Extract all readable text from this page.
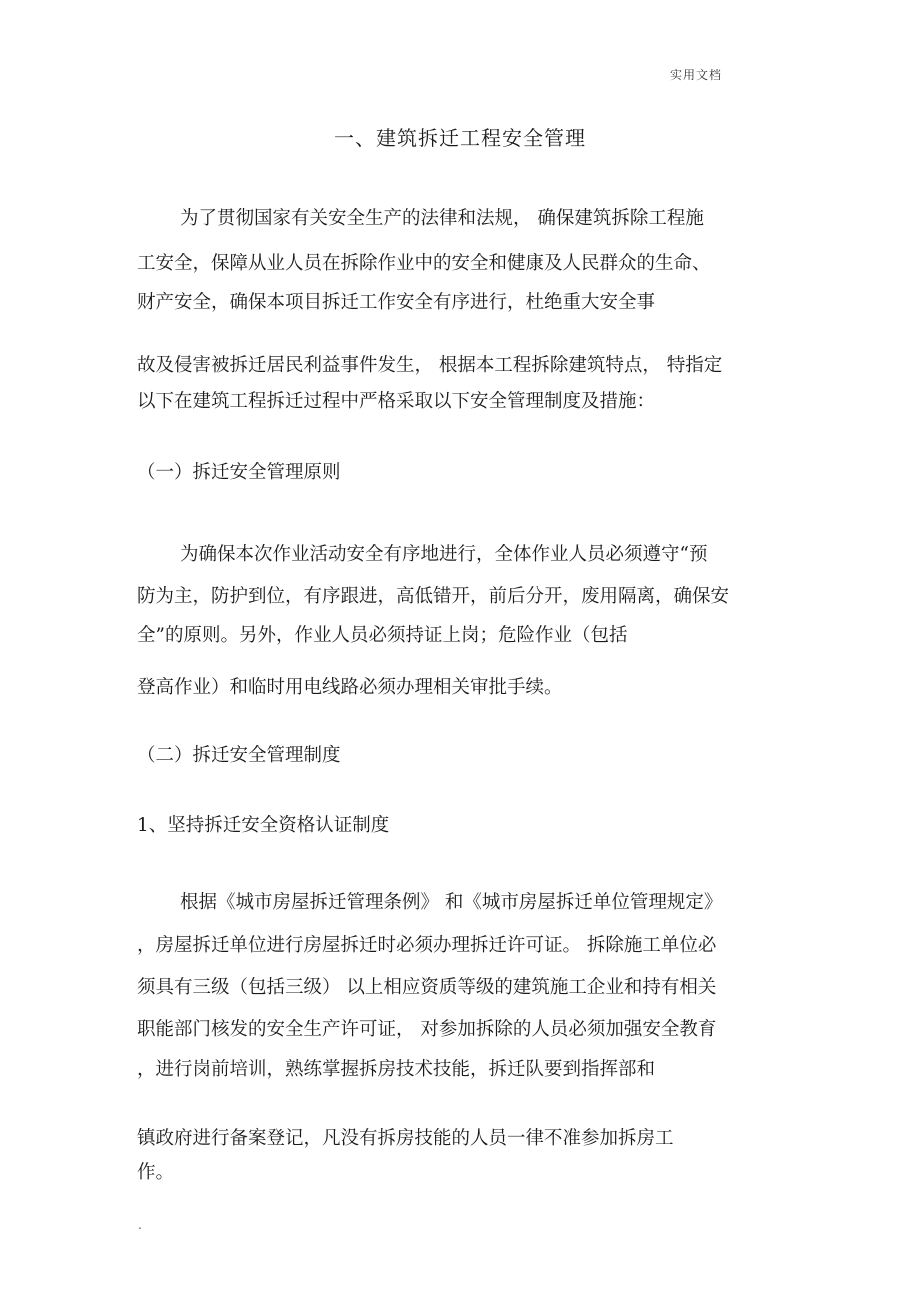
实用文档
一、建筑拆迁工程安全管理
为了贯彻国家有关安全生产的法律和法规， 确保建筑拆除工程施
工安全，保障从业人员在拆除作业中的安全和健康及人民群众的生命、
财产安全，确保本项目拆迁工作安全有序进行，杜绝重大安全事
故及侵害被拆迁居民利益事件发生， 根据本工程拆除建筑特点， 特指定
以下在建筑工程拆迁过程中严格采取以下安全管理制度及措施：
（一）拆迁安全管理原则
为确保本次作业活动安全有序地进行，全体作业人员必须遵守“预
防为主，防护到位，有序跟进，高低错开，前后分开，废用隔离，确保安
全”的原则。另外，作业人员必须持证上岗；危险作业（包括
登高作业）和临时用电线路必须办理相关审批手续。
（二）拆迁安全管理制度
1、坚持拆迁安全资格认证制度
根据《城市房屋拆迁管理条例》 和《城市房屋拆迁单位管理规定》
，房屋拆迁单位进行房屋拆迁时必须办理拆迁许可证。 拆除施工单位必
须具有三级（包括三级） 以上相应资质等级的建筑施工企业和持有相关
职能部门核发的安全生产许可证， 对参加拆除的人员必须加强安全教育
，进行岗前培训，熟练掌握拆房技术技能，拆迁队要到指挥部和
镇政府进行备案登记，凡没有拆房技能的人员一律不准参加拆房工
作。
.
